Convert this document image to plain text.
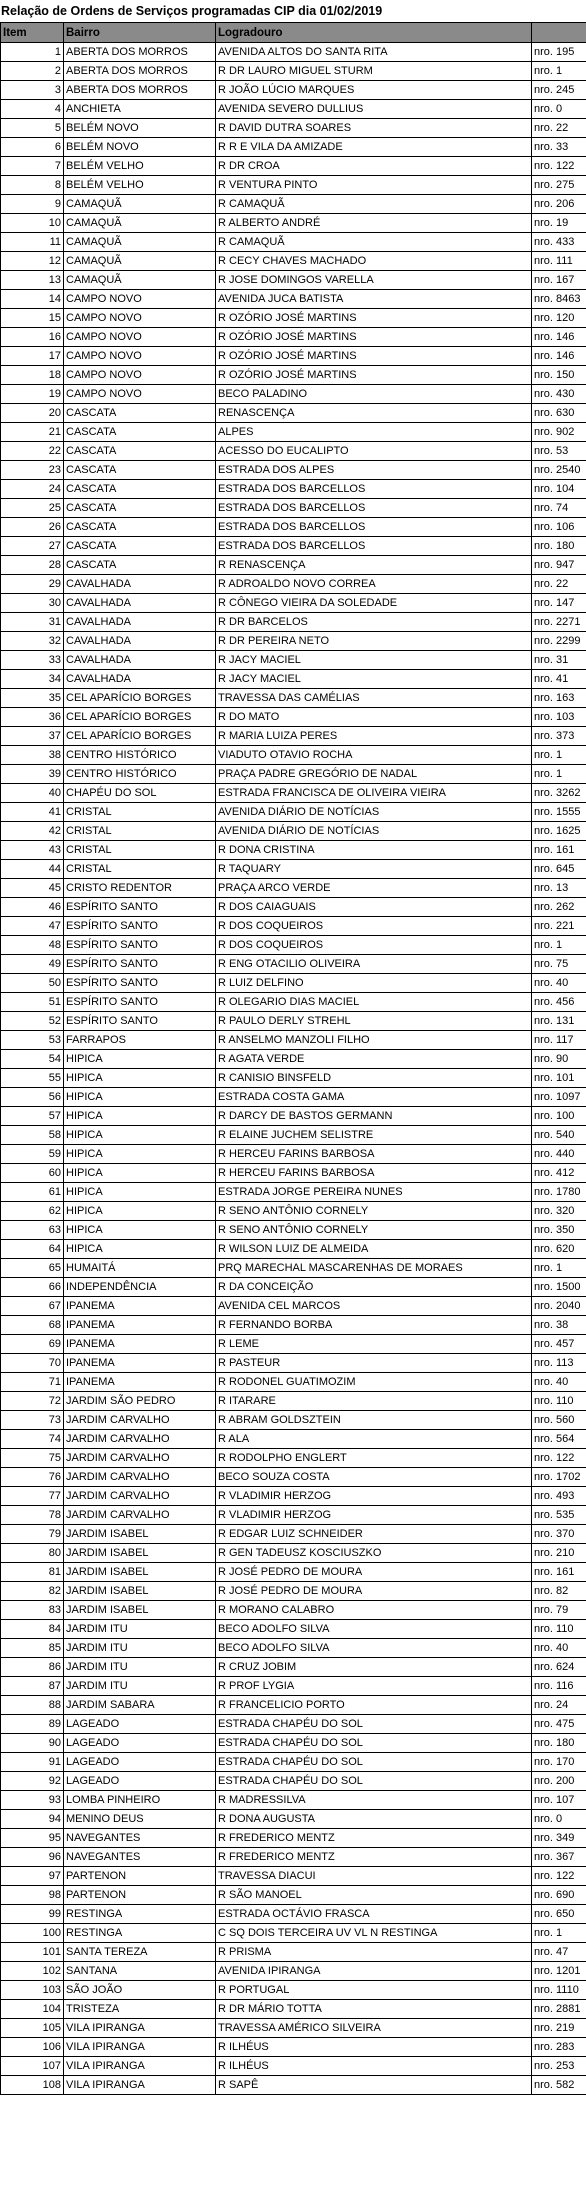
Relação de Ordens de Serviços programadas CIP dia 01/02/2019
Item	Bairro	Logradouro	
1	ABERTA DOS MORROS	AVENIDA ALTOS DO SANTA RITA	nro. 195
2	ABERTA DOS MORROS	R DR LAURO MIGUEL STURM	nro. 1
3	ABERTA DOS MORROS	R JOÃO LÚCIO MARQUES	nro. 245
4	ANCHIETA	AVENIDA SEVERO DULLIUS	nro. 0
5	BELÉM NOVO	R DAVID DUTRA SOARES	nro. 22
6	BELÉM NOVO	R R E VILA DA AMIZADE	nro. 33
7	BELÉM VELHO	R DR CROA	nro. 122
8	BELÉM VELHO	R VENTURA PINTO	nro. 275
9	CAMAQUÃ	R CAMAQUÃ	nro. 206
10	CAMAQUÃ	R ALBERTO ANDRÉ	nro. 19
11	CAMAQUÃ	R CAMAQUÃ	nro. 433
12	CAMAQUÃ	R CECY CHAVES MACHADO	nro. 111
13	CAMAQUÃ	R JOSE DOMINGOS VARELLA	nro. 167
14	CAMPO NOVO	AVENIDA JUCA BATISTA	nro. 8463
15	CAMPO NOVO	R OZÓRIO JOSÉ MARTINS	nro. 120
16	CAMPO NOVO	R OZÓRIO JOSÉ MARTINS	nro. 146
17	CAMPO NOVO	R OZÓRIO JOSÉ MARTINS	nro. 146
18	CAMPO NOVO	R OZÓRIO JOSÉ MARTINS	nro. 150
19	CAMPO NOVO	BECO PALADINO	nro. 430
20	CASCATA	RENASCENÇA	nro. 630
21	CASCATA	ALPES	nro. 902
22	CASCATA	ACESSO DO EUCALIPTO	nro. 53
23	CASCATA	ESTRADA DOS ALPES	nro. 2540
24	CASCATA	ESTRADA DOS BARCELLOS	nro. 104
25	CASCATA	ESTRADA DOS BARCELLOS	nro. 74
26	CASCATA	ESTRADA DOS BARCELLOS	nro. 106
27	CASCATA	ESTRADA DOS BARCELLOS	nro. 180
28	CASCATA	R RENASCENÇA	nro. 947
29	CAVALHADA	R ADROALDO NOVO CORREA	nro. 22
30	CAVALHADA	R CÔNEGO VIEIRA DA SOLEDADE	nro. 147
31	CAVALHADA	R DR BARCELOS	nro. 2271
32	CAVALHADA	R DR PEREIRA NETO	nro. 2299
33	CAVALHADA	R JACY MACIEL	nro. 31
34	CAVALHADA	R JACY MACIEL	nro. 41
35	CEL APARÍCIO BORGES	TRAVESSA DAS CAMÉLIAS	nro. 163
36	CEL APARÍCIO BORGES	R DO MATO	nro. 103
37	CEL APARÍCIO BORGES	R MARIA LUIZA PERES	nro. 373
38	CENTRO HISTÓRICO	VIADUTO OTAVIO ROCHA	nro. 1
39	CENTRO HISTÓRICO	PRAÇA PADRE GREGÓRIO DE NADAL	nro. 1
40	CHAPÉU DO SOL	ESTRADA FRANCISCA DE OLIVEIRA VIEIRA	nro. 3262
41	CRISTAL	AVENIDA DIÁRIO DE NOTÍCIAS	nro. 1555
42	CRISTAL	AVENIDA DIÁRIO DE NOTÍCIAS	nro. 1625
43	CRISTAL	R DONA CRISTINA	nro. 161
44	CRISTAL	R TAQUARY	nro. 645
45	CRISTO REDENTOR	PRAÇA ARCO VERDE	nro. 13
46	ESPÍRITO SANTO	R DOS CAIAGUAIS	nro. 262
47	ESPÍRITO SANTO	R DOS COQUEIROS	nro. 221
48	ESPÍRITO SANTO	R DOS COQUEIROS	nro. 1
49	ESPÍRITO SANTO	R ENG OTACILIO OLIVEIRA	nro. 75
50	ESPÍRITO SANTO	R LUIZ DELFINO	nro. 40
51	ESPÍRITO SANTO	R OLEGARIO DIAS MACIEL	nro. 456
52	ESPÍRITO SANTO	R PAULO DERLY STREHL	nro. 131
53	FARRAPOS	R ANSELMO MANZOLI FILHO	nro. 117
54	HIPICA	R AGATA VERDE	nro. 90
55	HIPICA	R CANISIO BINSFELD	nro. 101
56	HIPICA	ESTRADA COSTA GAMA	nro. 1097
57	HIPICA	R DARCY DE BASTOS GERMANN	nro. 100
58	HIPICA	R ELAINE JUCHEM SELISTRE	nro. 540
59	HIPICA	R HERCEU FARINS BARBOSA	nro. 440
60	HIPICA	R HERCEU FARINS BARBOSA	nro. 412
61	HIPICA	ESTRADA JORGE PEREIRA NUNES	nro. 1780
62	HIPICA	R SENO ANTÔNIO CORNELY	nro. 320
63	HIPICA	R SENO ANTÔNIO CORNELY	nro. 350
64	HIPICA	R WILSON LUIZ DE ALMEIDA	nro. 620
65	HUMAITÁ	PRQ MARECHAL MASCARENHAS DE MORAES	nro. 1
66	INDEPENDÊNCIA	R DA CONCEIÇÃO	nro. 1500
67	IPANEMA	AVENIDA CEL MARCOS	nro. 2040
68	IPANEMA	R FERNANDO BORBA	nro. 38
69	IPANEMA	R LEME	nro. 457
70	IPANEMA	R PASTEUR	nro. 113
71	IPANEMA	R RODONEL GUATIMOZIM	nro. 40
72	JARDIM SÃO PEDRO	R ITARARE	nro. 110
73	JARDIM CARVALHO	R ABRAM GOLDSZTEIN	nro. 560
74	JARDIM CARVALHO	R ALA	nro. 564
75	JARDIM CARVALHO	R RODOLPHO ENGLERT	nro. 122
76	JARDIM CARVALHO	BECO SOUZA COSTA	nro. 1702
77	JARDIM CARVALHO	R VLADIMIR HERZOG	nro. 493
78	JARDIM CARVALHO	R VLADIMIR HERZOG	nro. 535
79	JARDIM ISABEL	R EDGAR LUIZ SCHNEIDER	nro. 370
80	JARDIM ISABEL	R GEN TADEUSZ KOSCIUSZKO	nro. 210
81	JARDIM ISABEL	R JOSÉ PEDRO DE MOURA	nro. 161
82	JARDIM ISABEL	R JOSÉ PEDRO DE MOURA	nro. 82
83	JARDIM ISABEL	R MORANO CALABRO	nro. 79
84	JARDIM ITU	BECO ADOLFO SILVA	nro. 110
85	JARDIM ITU	BECO ADOLFO SILVA	nro. 40
86	JARDIM ITU	R CRUZ JOBIM	nro. 624
87	JARDIM ITU	R PROF LYGIA	nro. 116
88	JARDIM SABARA	R FRANCELICIO PORTO	nro. 24
89	LAGEADO	ESTRADA CHAPÉU DO SOL	nro. 475
90	LAGEADO	ESTRADA CHAPÉU DO SOL	nro. 180
91	LAGEADO	ESTRADA CHAPÉU DO SOL	nro. 170
92	LAGEADO	ESTRADA CHAPÉU DO SOL	nro. 200
93	LOMBA PINHEIRO	R MADRESSILVA	nro. 107
94	MENINO DEUS	R DONA AUGUSTA	nro. 0
95	NAVEGANTES	R FREDERICO MENTZ	nro. 349
96	NAVEGANTES	R FREDERICO MENTZ	nro. 367
97	PARTENON	TRAVESSA DIACUI	nro. 122
98	PARTENON	R SÃO MANOEL	nro. 690
99	RESTINGA	ESTRADA OCTÁVIO FRASCA	nro. 650
100	RESTINGA	C SQ DOIS TERCEIRA UV VL N RESTINGA	nro. 1
101	SANTA TEREZA	R PRISMA	nro. 47
102	SANTANA	AVENIDA IPIRANGA	nro. 1201
103	SÃO JOÃO	R PORTUGAL	nro. 1110
104	TRISTEZA	R DR MÁRIO TOTTA	nro. 2881
105	VILA IPIRANGA	TRAVESSA AMÉRICO SILVEIRA	nro. 219
106	VILA IPIRANGA	R ILHÉUS	nro. 283
107	VILA IPIRANGA	R ILHÉUS	nro. 253
108	VILA IPIRANGA	R SAPÊ	nro. 582
